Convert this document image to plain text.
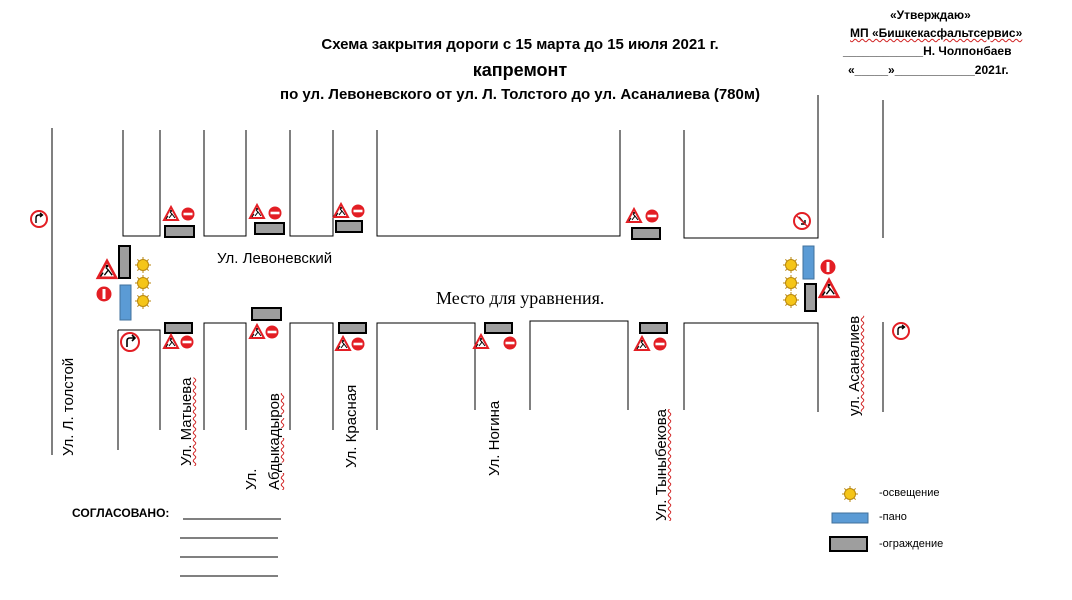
Схема закрытия дороги с 15 марта до 15 июля 2021 г.
капремонт
по ул. Левоневского от ул. Л. Толстого до ул. Асаналиева (780м)
«Утверждаю»
МП «Бишкекасфальтсервис»
____________Н. Чолпонбаев
«_____»____________2021г.
Ул. Левоневский
Место для уравнения.
Ул. Л. толстой	Ул. Матыева
Ул. Абдыкадыров	Ул. Красная	Ул. Ногина	Ул. Тыныбекова
ул. Асаналиев
СОГЛАСОВАНО:
-освещение
-пано
-ограждение
